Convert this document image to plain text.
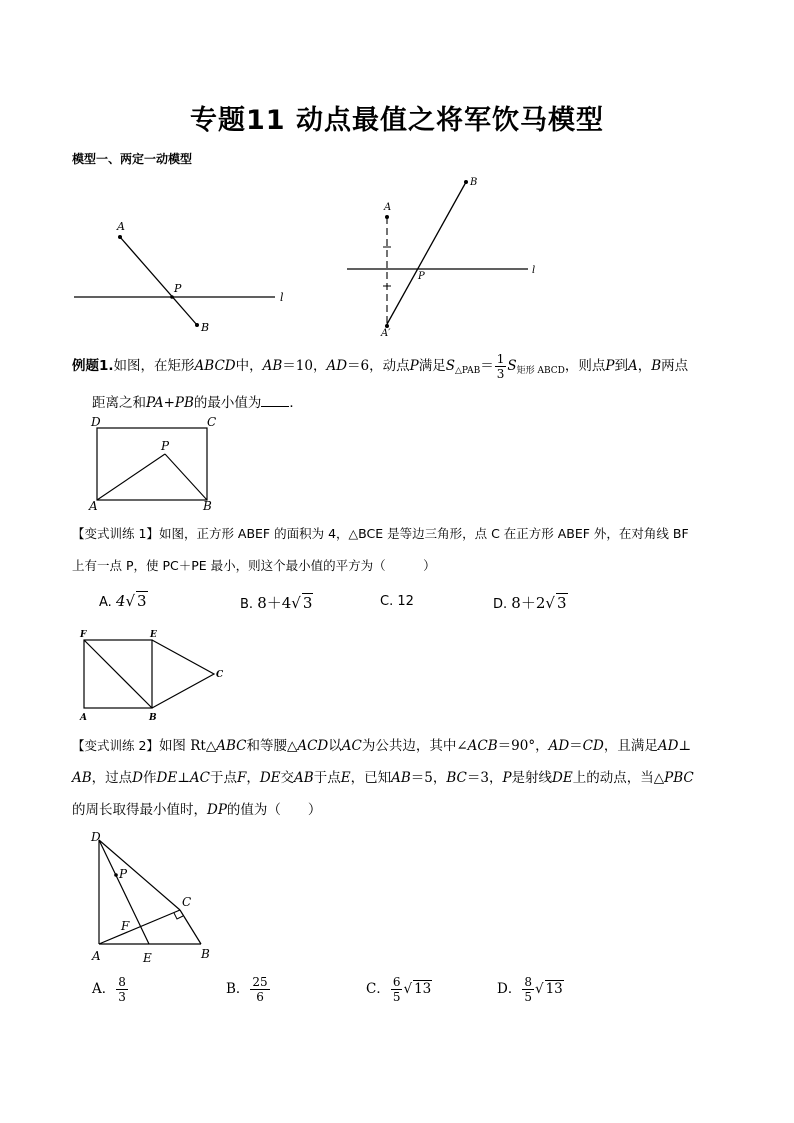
专题11 动点最值之将军饮马模型
模型一、两定一动模型
A
P
B
l
A
B
P
l
A′
例题1.如图，在矩形ABCD中，AB＝10，AD＝6，动点P满足$S_{\triangle PAB}= \frac{1}{3} S_{矩形 ABCD}$，则点P到A，B两点
距离之和PA+PB的最小值为 ．
D	C
P
A	B
【变式训练 1】如图，正方形 ABEF 的面积为 4，△BCE 是等边三角形，点 C 在正方形 ABEF 外，在对角线 BF
上有一点 P，使 PC＋PE 最小，则这个最小值的平方为（　　　）
A. 4√ 3	B. 8＋4√ 3	C. 12	D. 8＋2√ 3
F	E
C
A	B
【变式训练 2】如图 Rt△ABC和等腰△ACD以AC为公共边，其中∠ACB＝90°，AD＝CD，且满足AD⊥
AB，过点D作DE⊥AC于点F，DE交AB于点E，已知AB＝5，BC＝3，P是射线DE上的动点，当△PBC
的周长取得最小值时，DP的值为（　　）
D
P
C
F
A	E	B
A． $\frac{8}{3}$	B． $\frac{25}{6}$	C． $\frac{6}{5}$ √ 13	D． $\frac{8}{5}$ √ 13
